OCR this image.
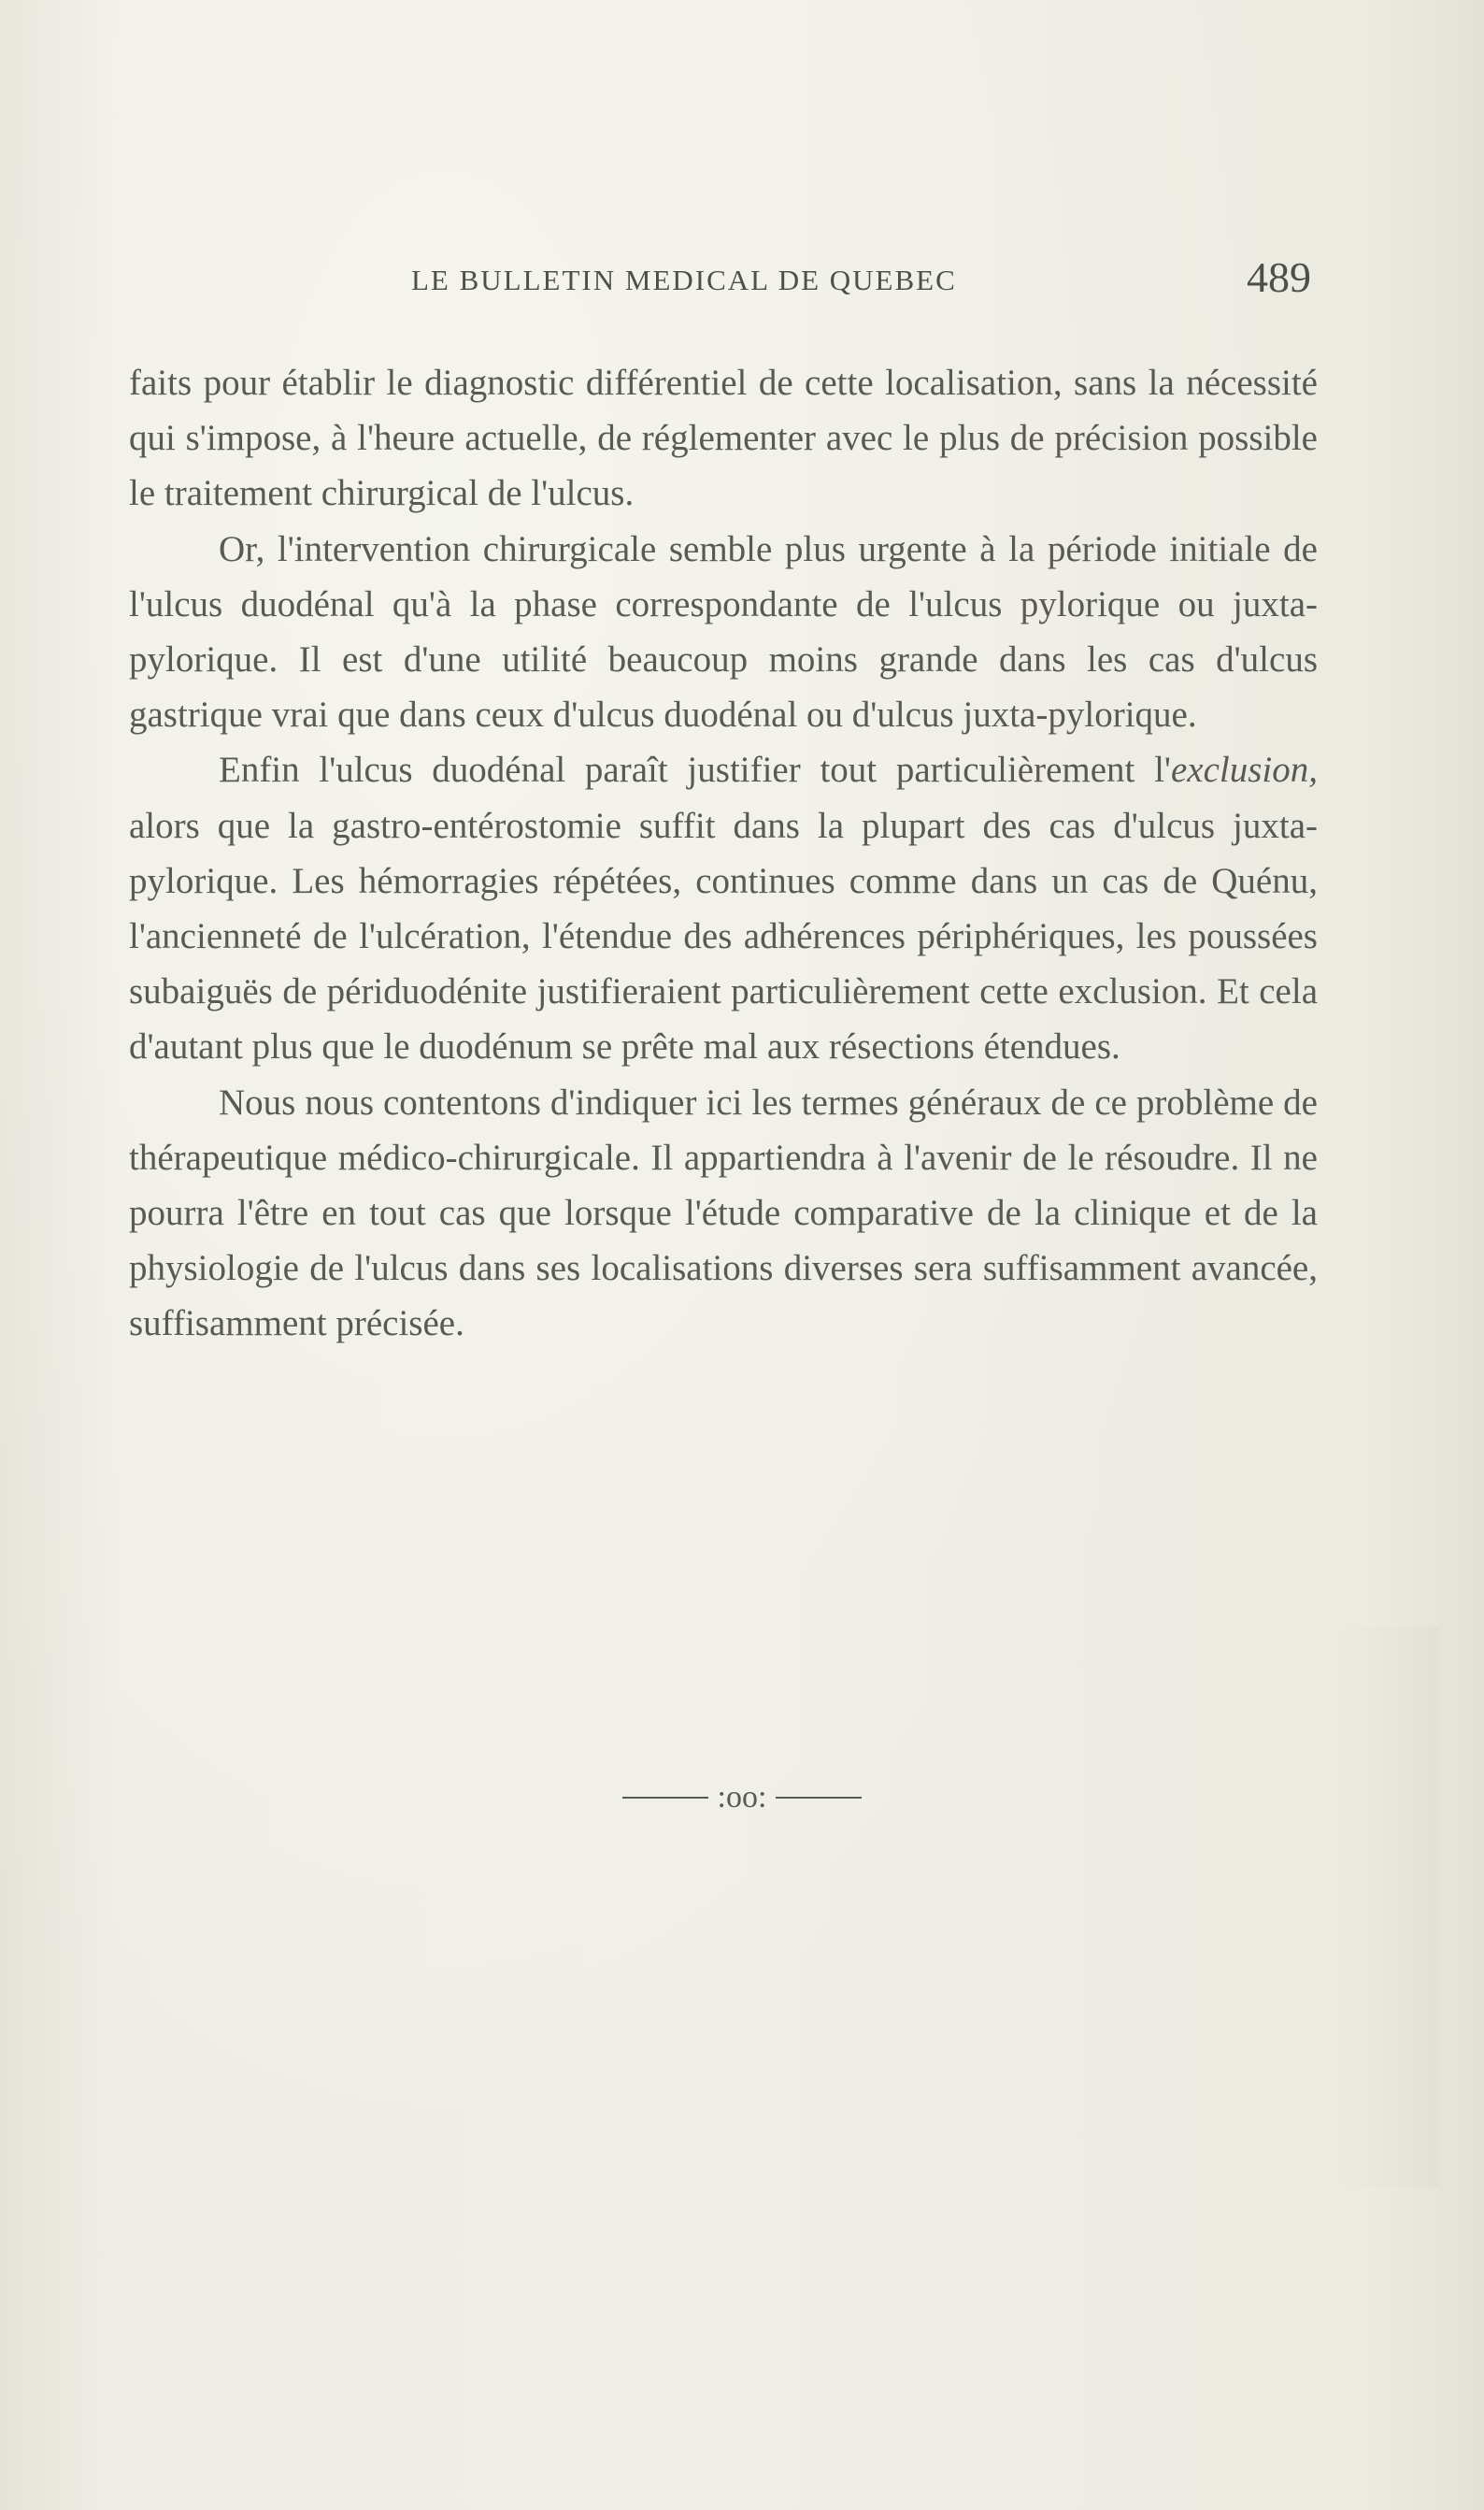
LE BULLETIN MEDICAL DE QUEBEC	489

faits pour établir le diagnostic différentiel de cette localisation, sans la nécessité qui s'impose, à l'heure actuelle, de réglementer avec le plus de précision possible le traitement chirurgical de l'ulcus.

Or, l'intervention chirurgicale semble plus urgente à la période initiale de l'ulcus duodénal qu'à la phase correspondante de l'ulcus pylorique ou juxta-pylorique. Il est d'une utilité beaucoup moins grande dans les cas d'ulcus gastrique vrai que dans ceux d'ulcus duodénal ou d'ulcus juxta-pylorique.

Enfin l'ulcus duodénal paraît justifier tout particulièrement l'exclusion, alors que la gastro-entérostomie suffit dans la plupart des cas d'ulcus juxta-pylorique. Les hémorragies répétées, continues comme dans un cas de Quénu, l'ancienneté de l'ulcération, l'étendue des adhérences périphériques, les poussées subaiguës de périduodénite justifieraient particulièrement cette exclusion. Et cela d'autant plus que le duodénum se prête mal aux résections étendues.

Nous nous contentons d'indiquer ici les termes généraux de ce problème de thérapeutique médico-chirurgicale. Il appartiendra à l'avenir de le résoudre. Il ne pourra l'être en tout cas que lorsque l'étude comparative de la clinique et de la physiologie de l'ulcus dans ses localisations diverses sera suffisamment avancée, suffisamment précisée.

:oo:
